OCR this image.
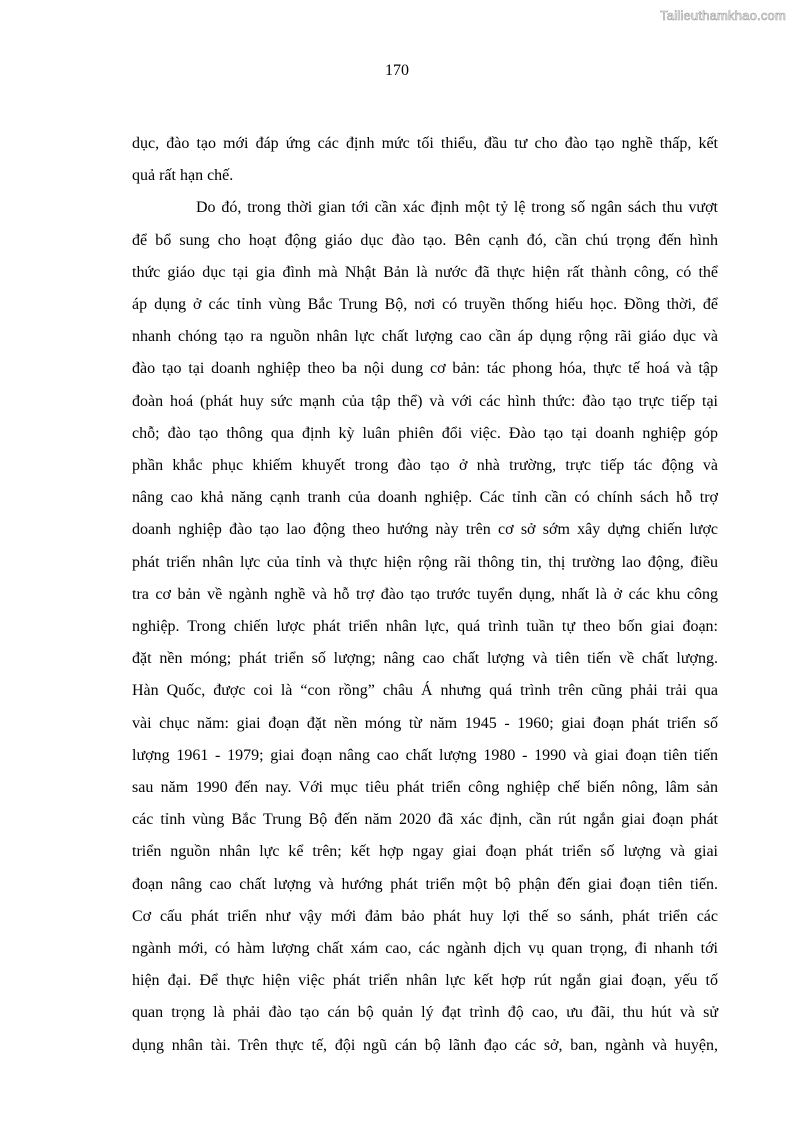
Tailieuthamkhao.com
170

dục, đào tạo mới đáp ứng các định mức tối thiểu, đầu tư cho đào tạo nghề thấp, kết
quả rất hạn chế.

Do đó, trong thời gian tới cần xác định một tỷ lệ trong số ngân sách thu vượt
để bổ sung cho hoạt động giáo dục đào tạo. Bên cạnh đó, cần chú trọng đến hình
thức giáo dục tại gia đình mà Nhật Bản là nước đã thực hiện rất thành công, có thể
áp dụng ở các tỉnh vùng Bắc Trung Bộ, nơi có truyền thống hiếu học. Đồng thời, để
nhanh chóng tạo ra nguồn nhân lực chất lượng cao cần áp dụng rộng rãi giáo dục và
đào tạo tại doanh nghiệp theo ba nội dung cơ bản: tác phong hóa, thực tế hoá và tập
đoàn hoá (phát huy sức mạnh của tập thể) và với các hình thức: đào tạo trực tiếp tại
chỗ; đào tạo thông qua định kỳ luân phiên đổi việc. Đào tạo tại doanh nghiệp góp
phần khắc phục khiếm khuyết trong đào tạo ở nhà trường, trực tiếp tác động và
nâng cao khả năng cạnh tranh của doanh nghiệp. Các tỉnh cần có chính sách hỗ trợ
doanh nghiệp đào tạo lao động theo hướng này trên cơ sở sớm xây dựng chiến lược
phát triển nhân lực của tỉnh và thực hiện rộng rãi thông tin, thị trường lao động, điều
tra cơ bản về ngành nghề và hỗ trợ đào tạo trước tuyển dụng, nhất là ở các khu công
nghiệp. Trong chiến lược phát triển nhân lực, quá trình tuần tự theo bốn giai đoạn:
đặt nền móng; phát triển số lượng; nâng cao chất lượng và tiên tiến về chất lượng.
Hàn Quốc, được coi là “con rồng” châu Á nhưng quá trình trên cũng phải trải qua
vài chục năm: giai đoạn đặt nền móng từ năm 1945 - 1960; giai đoạn phát triển số
lượng 1961 - 1979; giai đoạn nâng cao chất lượng 1980 - 1990 và giai đoạn tiên tiến
sau năm 1990 đến nay. Với mục tiêu phát triển công nghiệp chế biến nông, lâm sản
các tỉnh vùng Bắc Trung Bộ đến năm 2020 đã xác định, cần rút ngắn giai đoạn phát
triển nguồn nhân lực kể trên; kết hợp ngay giai đoạn phát triển số lượng và giai
đoạn nâng cao chất lượng và hướng phát triển một bộ phận đến giai đoạn tiên tiến.
Cơ cấu phát triển như vậy mới đảm bảo phát huy lợi thế so sánh, phát triển các
ngành mới, có hàm lượng chất xám cao, các ngành dịch vụ quan trọng, đi nhanh tới
hiện đại. Để thực hiện việc phát triển nhân lực kết hợp rút ngắn giai đoạn, yếu tố
quan trọng là phải đào tạo cán bộ quản lý đạt trình độ cao, ưu đãi, thu hút và sử
dụng nhân tài. Trên thực tế, đội ngũ cán bộ lãnh đạo các sở, ban, ngành và huyện,
